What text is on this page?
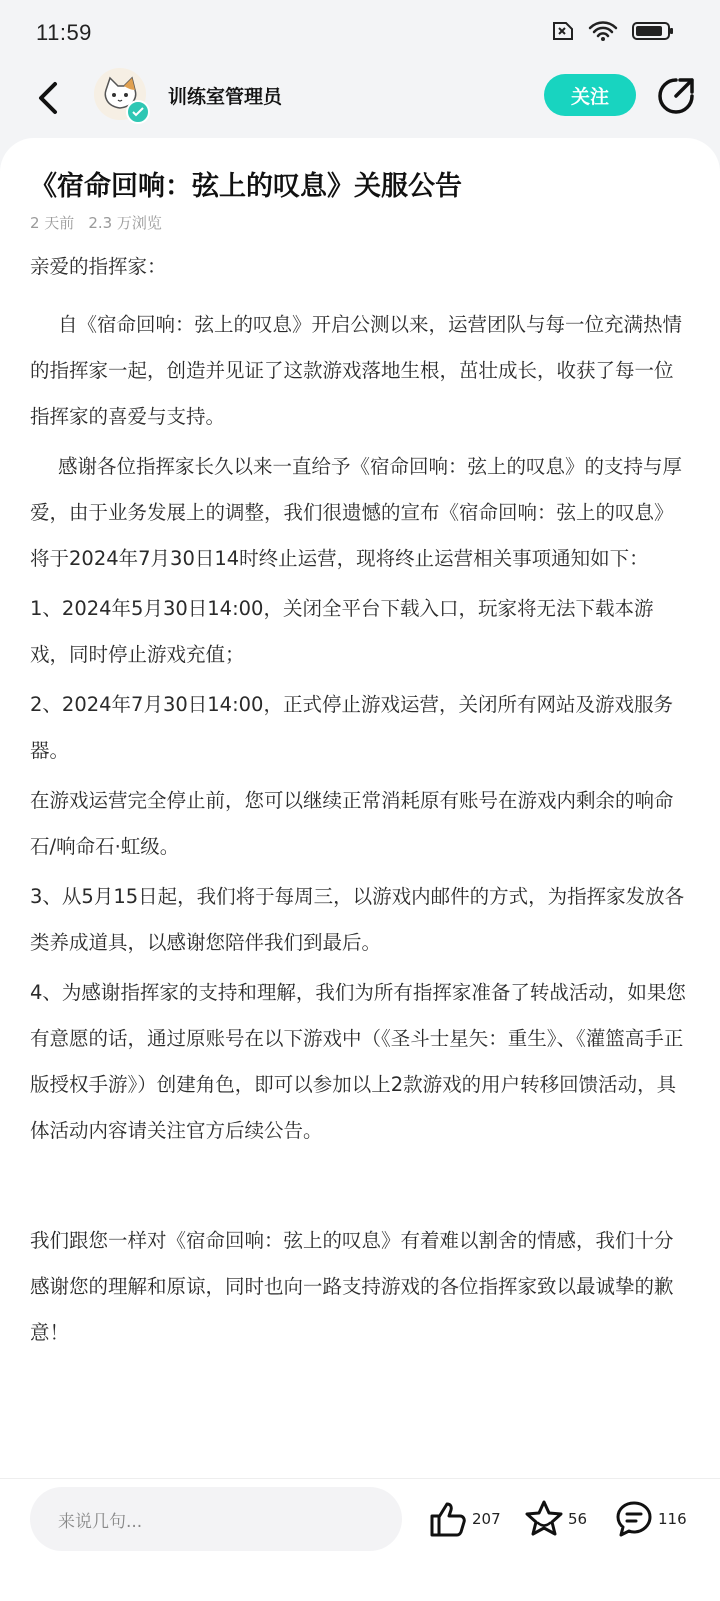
11:59
训练室管理员	关注
《宿命回响：弦上的叹息》关服公告
2 天前 2.3 万浏览

亲爱的指挥家：

自《宿命回响：弦上的叹息》开启公测以来，运营团队与每一位充满热情的指挥家一起，创造并见证了这款游戏落地生根，茁壮成长，收获了每一位指挥家的喜爱与支持。

感谢各位指挥家长久以来一直给予《宿命回响：弦上的叹息》的支持与厚爱，由于业务发展上的调整，我们很遗憾的宣布《宿命回响：弦上的叹息》将于2024年7月30日14时终止运营，现将终止运营相关事项通知如下：

1、2024年5月30日14:00，关闭全平台下载入口，玩家将无法下载本游戏，同时停止游戏充值；

2、2024年7月30日14:00，正式停止游戏运营，关闭所有网站及游戏服务器。

在游戏运营完全停止前，您可以继续正常消耗原有账号在游戏内剩余的响命石/响命石·虹级。

3、从5月15日起，我们将于每周三，以游戏内邮件的方式，为指挥家发放各类养成道具，以感谢您陪伴我们到最后。

4、为感谢指挥家的支持和理解，我们为所有指挥家准备了转战活动，如果您有意愿的话，通过原账号在以下游戏中（《圣斗士星矢：重生》、《灌篮高手正版授权手游》）创建角色，即可以参加以上2款游戏的用户转移回馈活动，具体活动内容请关注官方后续公告。

我们跟您一样对《宿命回响：弦上的叹息》有着难以割舍的情感，我们十分感谢您的理解和原谅，同时也向一路支持游戏的各位指挥家致以最诚挚的歉意！

来说几句...	207	56	116
